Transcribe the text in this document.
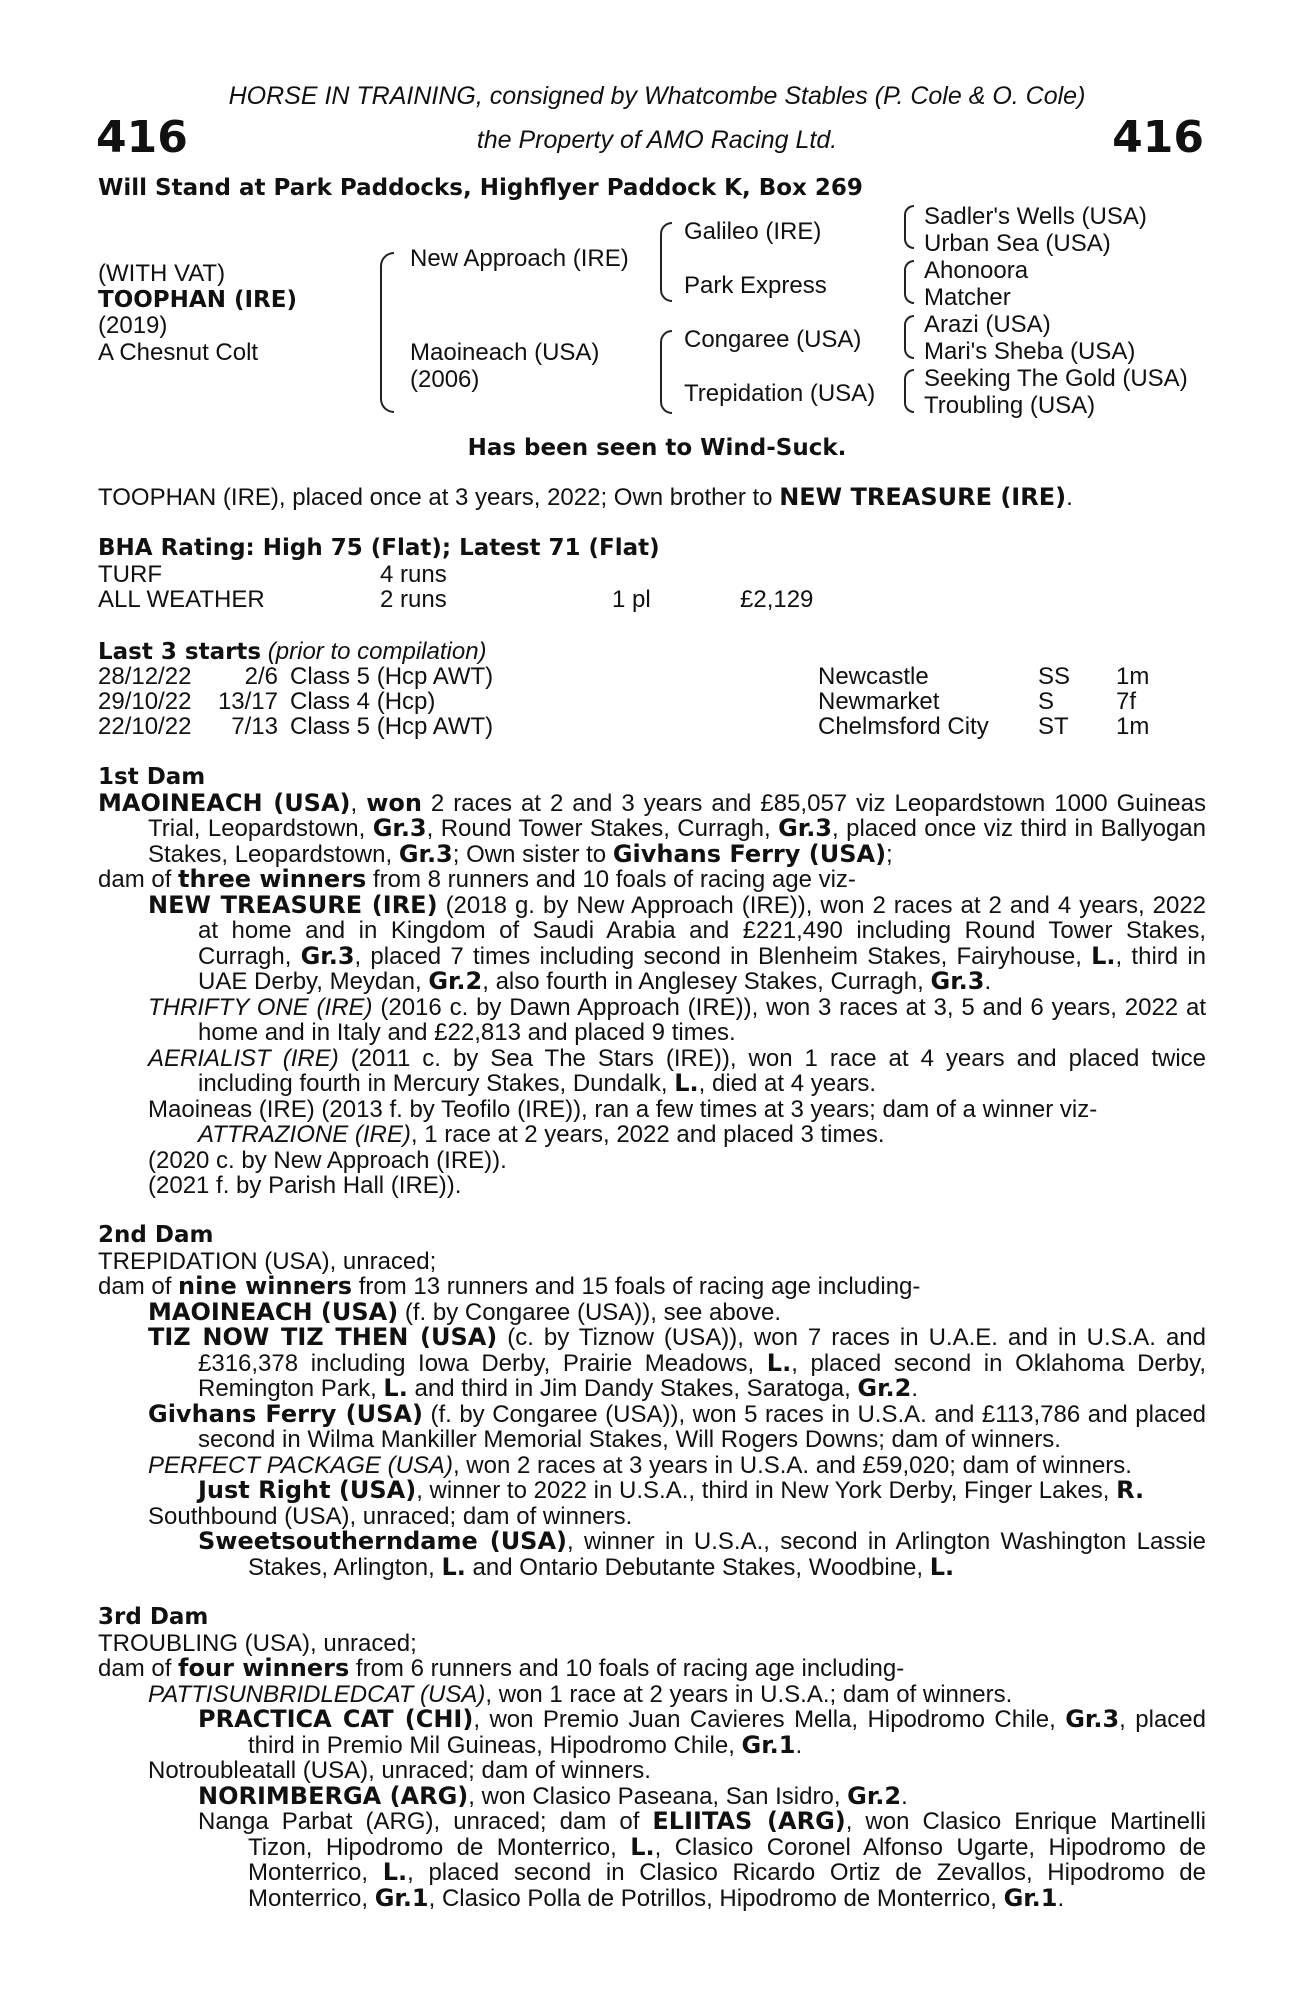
HORSE IN TRAINING, consigned by Whatcombe Stables (P. Cole & O. Cole)
416	416
the Property of AMO Racing Ltd.
Will Stand at Park Paddocks, Highflyer Paddock K, Box 269
(WITH VAT)
TOOPHAN (IRE)
(2019)
A Chesnut Colt
New Approach (IRE)
Maoineach (USA)
(2006)
Galileo (IRE)
Park Express
Congaree (USA)
Trepidation (USA)
Sadler's Wells (USA)
Urban Sea (USA)
Ahonoora
Matcher
Arazi (USA)
Mari's Sheba (USA)
Seeking The Gold (USA)
Troubling (USA)
Has been seen to Wind-Suck.
TOOPHAN (IRE), placed once at 3 years, 2022; Own brother to NEW TREASURE (IRE).
BHA Rating: High 75 (Flat); Latest 71 (Flat)
TURF	4 runs
ALL WEATHER	2 runs	1 pl	£2,129
Last 3 starts (prior to compilation)
28/12/22	2/6 Class 5 (Hcp AWT)	Newcastle	SS 1m
29/10/22	13/17 Class 4 (Hcp)	Newmarket	S	7f
22/10/22	7/13 Class 5 (Hcp AWT)	Chelmsford City ST 1m

1st Dam

MAOINEACH (USA), won 2 races at 2 and 3 years and £85,057 viz Leopardstown 1000 Guineas Trial, Leopardstown, Gr.3, Round Tower Stakes, Curragh, Gr.3, placed once viz third in Ballyogan Stakes, Leopardstown, Gr.3; Own sister to Givhans Ferry (USA);

dam of three winners from 8 runners and 10 foals of racing age viz-

NEW TREASURE (IRE) (2018 g. by New Approach (IRE)), won 2 races at 2 and 4 years, 2022 at home and in Kingdom of Saudi Arabia and £221,490 including Round Tower Stakes, Curragh, Gr.3, placed 7 times including second in Blenheim Stakes, Fairyhouse, L., third in UAE Derby, Meydan, Gr.2, also fourth in Anglesey Stakes, Curragh, Gr.3.

THRIFTY ONE (IRE) (2016 c. by Dawn Approach (IRE)), won 3 races at 3, 5 and 6 years, 2022 at home and in Italy and £22,813 and placed 9 times.

AERIALIST (IRE) (2011 c. by Sea The Stars (IRE)), won 1 race at 4 years and placed twice including fourth in Mercury Stakes, Dundalk, L., died at 4 years.

Maoineas (IRE) (2013 f. by Teofilo (IRE)), ran a few times at 3 years; dam of a winner viz-

ATTRAZIONE (IRE), 1 race at 2 years, 2022 and placed 3 times.

(2020 c. by New Approach (IRE)).

(2021 f. by Parish Hall (IRE)).

2nd Dam

TREPIDATION (USA), unraced;

dam of nine winners from 13 runners and 15 foals of racing age including-

MAOINEACH (USA) (f. by Congaree (USA)), see above.

TIZ NOW TIZ THEN (USA) (c. by Tiznow (USA)), won 7 races in U.A.E. and in U.S.A. and £316,378 including Iowa Derby, Prairie Meadows, L., placed second in Oklahoma Derby, Remington Park, L. and third in Jim Dandy Stakes, Saratoga, Gr.2.

Givhans Ferry (USA) (f. by Congaree (USA)), won 5 races in U.S.A. and £113,786 and placed second in Wilma Mankiller Memorial Stakes, Will Rogers Downs; dam of winners.

PERFECT PACKAGE (USA), won 2 races at 3 years in U.S.A. and £59,020; dam of winners.

Just Right (USA), winner to 2022 in U.S.A., third in New York Derby, Finger Lakes, R.

Southbound (USA), unraced; dam of winners.

Sweetsoutherndame (USA), winner in U.S.A., second in Arlington Washington Lassie Stakes, Arlington, L. and Ontario Debutante Stakes, Woodbine, L.

3rd Dam

TROUBLING (USA), unraced;

dam of four winners from 6 runners and 10 foals of racing age including-

PATTISUNBRIDLEDCAT (USA), won 1 race at 2 years in U.S.A.; dam of winners.

PRACTICA CAT (CHI), won Premio Juan Cavieres Mella, Hipodromo Chile, Gr.3, placed third in Premio Mil Guineas, Hipodromo Chile, Gr.1.

Notroubleatall (USA), unraced; dam of winners.

NORIMBERGA (ARG), won Clasico Paseana, San Isidro, Gr.2.

Nanga Parbat (ARG), unraced; dam of ELIITAS (ARG), won Clasico Enrique Martinelli Tizon, Hipodromo de Monterrico, L., Clasico Coronel Alfonso Ugarte, Hipodromo de Monterrico, L., placed second in Clasico Ricardo Ortiz de Zevallos, Hipodromo de Monterrico, Gr.1, Clasico Polla de Potrillos, Hipodromo de Monterrico, Gr.1.
